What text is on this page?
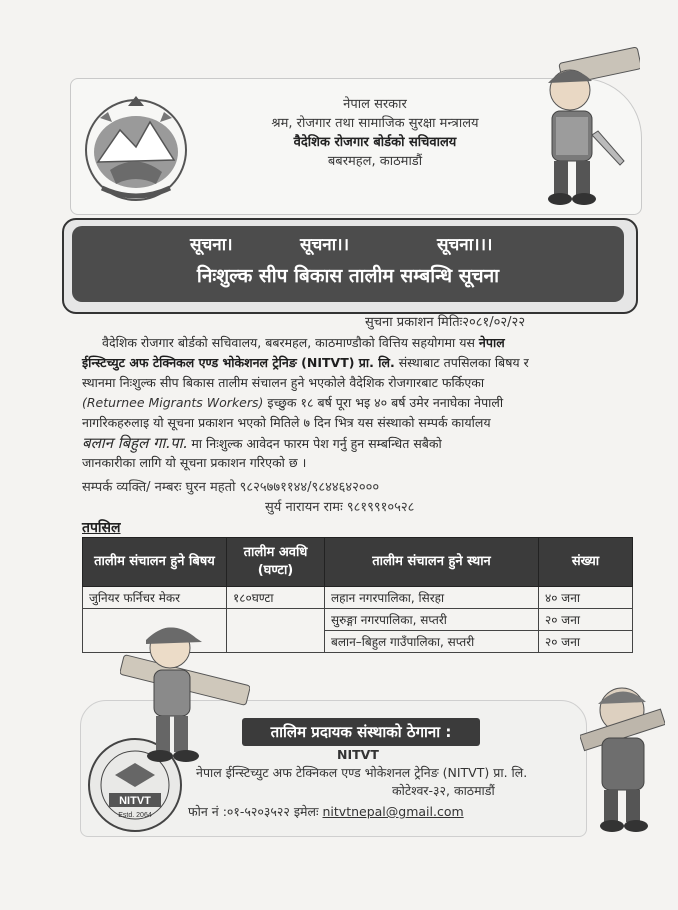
नेपाल सरकार
श्रम, रोजगार तथा सामाजिक सुरक्षा मन्त्रालय
वैदेशिक रोजगार बोर्डको सचिवालय
बबरमहल, काठमाडौं
सूचना।	सूचना।।	सूचना।।।
निःशुल्क सीप बिकास तालीम सम्बन्धि सूचना
सुचना प्रकाशन मितिः२०८१/०२/२२
वैदेशिक रोजगार बोर्डको सचिवालय, बबरमहल, काठमाण्डौको वित्तिय सहयोगमा यस नेपाल
ईन्स्टिच्युट अफ टेक्निकल एण्ड भोकेशनल ट्रेनिङ (NITVT) प्रा. लि. संस्थाबाट तपसिलका बिषय र
स्थानमा निःशुल्क सीप बिकास तालीम संचालन हुने भएकोले वैदेशिक रोजगारबाट फर्किएका
(Returnee Migrants Workers) इच्छुक १८ बर्ष पूरा भइ ४० बर्ष उमेर ननाघेका नेपाली
नागरिकहरुलाइ यो सूचना प्रकाशन भएको मितिले ७ दिन भित्र यस संस्थाको सम्पर्क कार्यालय
बलान बिहुल गा.पा. मा निःशुल्क आवेदन फारम पेश गर्नु हुन सम्बन्धित सबैको
जानकारीका लागि यो सूचना प्रकाशन गरिएको छ ।
सम्पर्क व्यक्ति/ नम्बरः घुरन महतो ९८२५७७११४४/९८४४६४२०००
सुर्य नारायन रामः ९८१९९१०५२८
तपसिल
तालीम संचालन हुने बिषय	तालीम अवधि (घण्टा)	तालीम संचालन हुने स्थान	संख्या
जुनियर फर्निचर मेकर	१८०घण्टा	लहान नगरपालिका, सिरहा	४० जना
		सुरुङ्गा नगरपालिका, सप्तरी	२० जना
		बलान–बिहुल गाउँपालिका, सप्तरी	२० जना
तालिम प्रदायक संस्थाको ठेगाना :
NITVT
नेपाल ईन्स्टिच्युट अफ टेक्निकल एण्ड भोकेशनल ट्रेनिङ (NITVT) प्रा. लि.
कोटेश्वर-३२, काठमाडौं
फोन नं :०१-५२०३५२२ इमेलः nitvtnepal@gmail.com
NITVT
Estd. 2064
